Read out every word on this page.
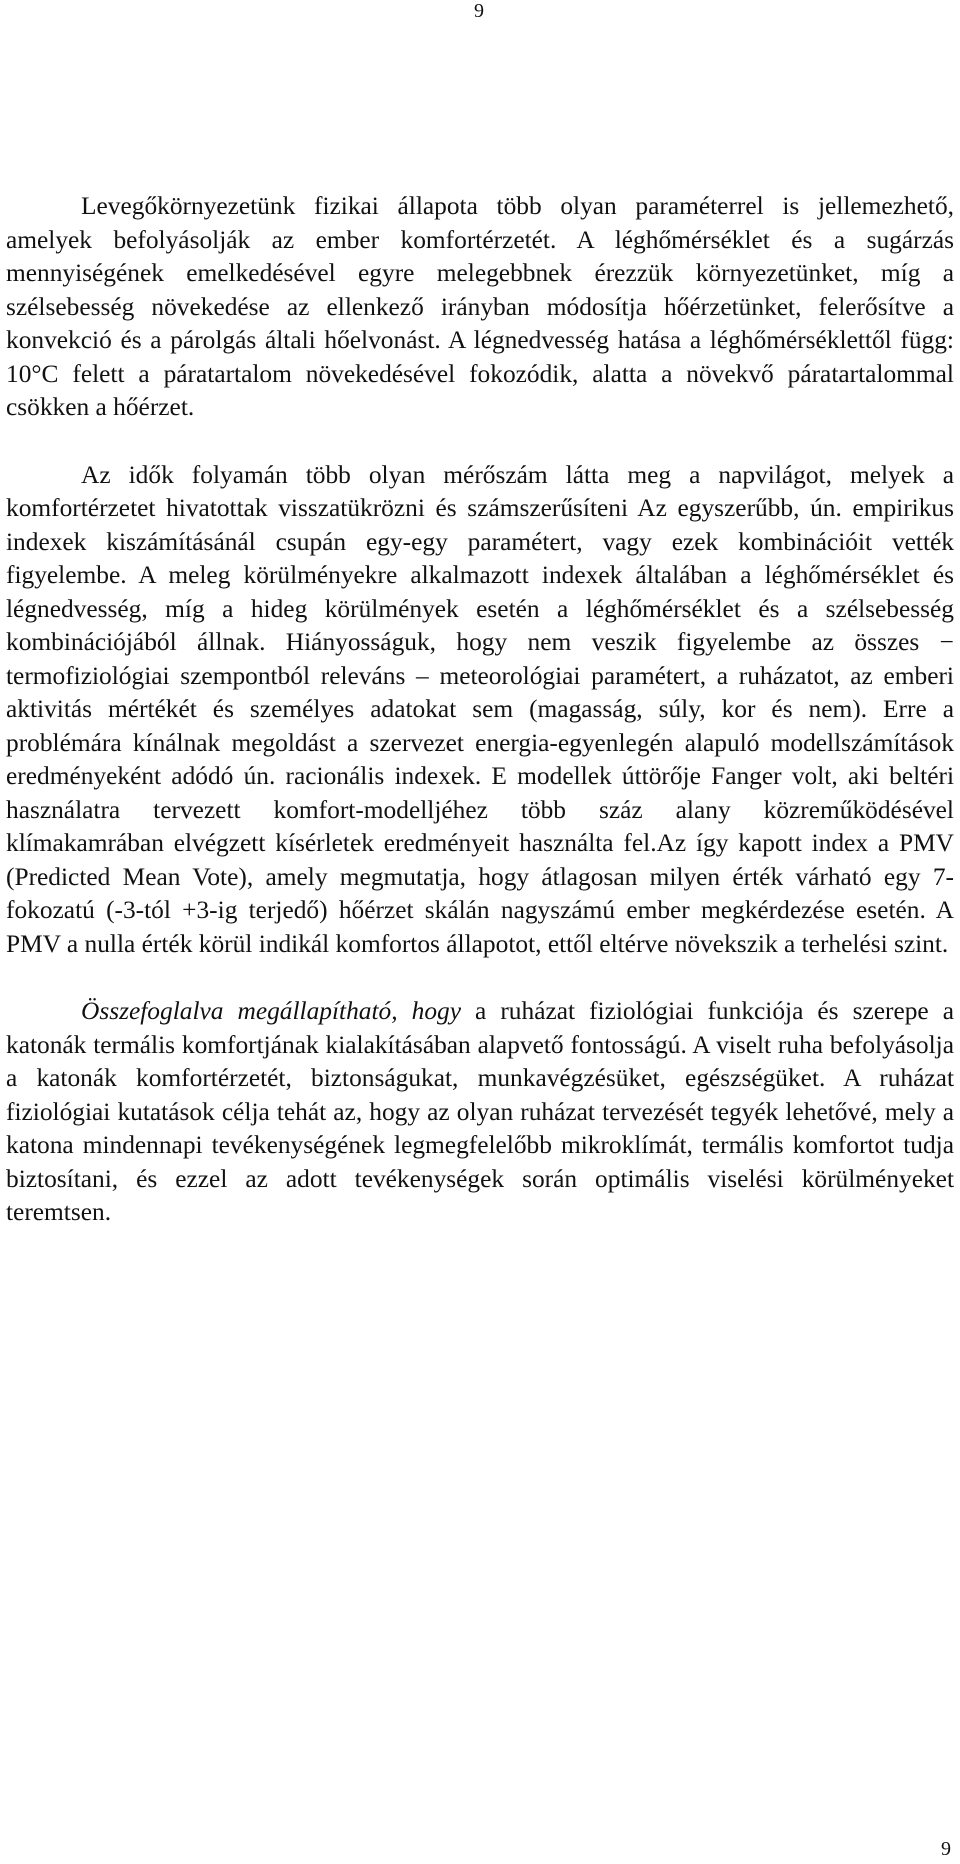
9

Levegőkörnyezetünk fizikai állapota több olyan paraméterrel is jellemezhető, amelyek befolyásolják az ember komfortérzetét. A léghőmérséklet és a sugárzás mennyiségének emelkedésével egyre melegebbnek érezzük környezetünket, míg a szélsebesség növekedése az ellenkező irányban módosítja hőérzetünket, felerősítve a konvekció és a párolgás általi hőelvonást. A légnedvesség hatása a léghőmérséklettől függ: 10°C felett a páratartalom növekedésével fokozódik, alatta a növekvő páratartalommal csökken a hőérzet.

Az idők folyamán több olyan mérőszám látta meg a napvilágot, melyek a komfortérzetet hivatottak visszatükrözni és számszerűsíteni Az egyszerűbb, ún. empirikus indexek kiszámításánál csupán egy-egy paramétert, vagy ezek kombinációit vették figyelembe. A meleg körülményekre alkalmazott indexek általában a léghőmérséklet és légnedvesség, míg a hideg körülmények esetén a léghőmérséklet és a szélsebesség kombinációjából állnak. Hiányosságuk, hogy nem veszik figyelembe az összes − termofiziológiai szempontból releváns – meteorológiai paramétert, a ruházatot, az emberi aktivitás mértékét és személyes adatokat sem (magasság, súly, kor és nem). Erre a problémára kínálnak megoldást a szervezet energia-egyenlegén alapuló modellszámítások eredményeként adódó ún. racionális indexek. E modellek úttörője Fanger volt, aki beltéri használatra tervezett komfort-modelljéhez több száz alany közreműködésével klímakamrában elvégzett kísérletek eredményeit használta fel.Az így kapott index a PMV (Predicted Mean Vote), amely megmutatja, hogy átlagosan milyen érték várható egy 7-fokozatú (-3-tól +3-ig terjedő) hőérzet skálán nagyszámú ember megkérdezése esetén. A PMV a nulla érték körül indikál komfortos állapotot, ettől eltérve növekszik a terhelési szint.

Összefoglalva megállapítható, hogy a ruházat fiziológiai funkciója és szerepe a katonák termális komfortjának kialakításában alapvető fontosságú. A viselt ruha befolyásolja a katonák komfortérzetét, biztonságukat, munkavégzésüket, egészségüket. A ruházat fiziológiai kutatások célja tehát az, hogy az olyan ruházat tervezését tegyék lehetővé, mely a katona mindennapi tevékenységének legmegfelelőbb mikroklímát, termális komfortot tudja biztosítani, és ezzel az adott tevékenységek során optimális viselési körülményeket teremtsen.

9
